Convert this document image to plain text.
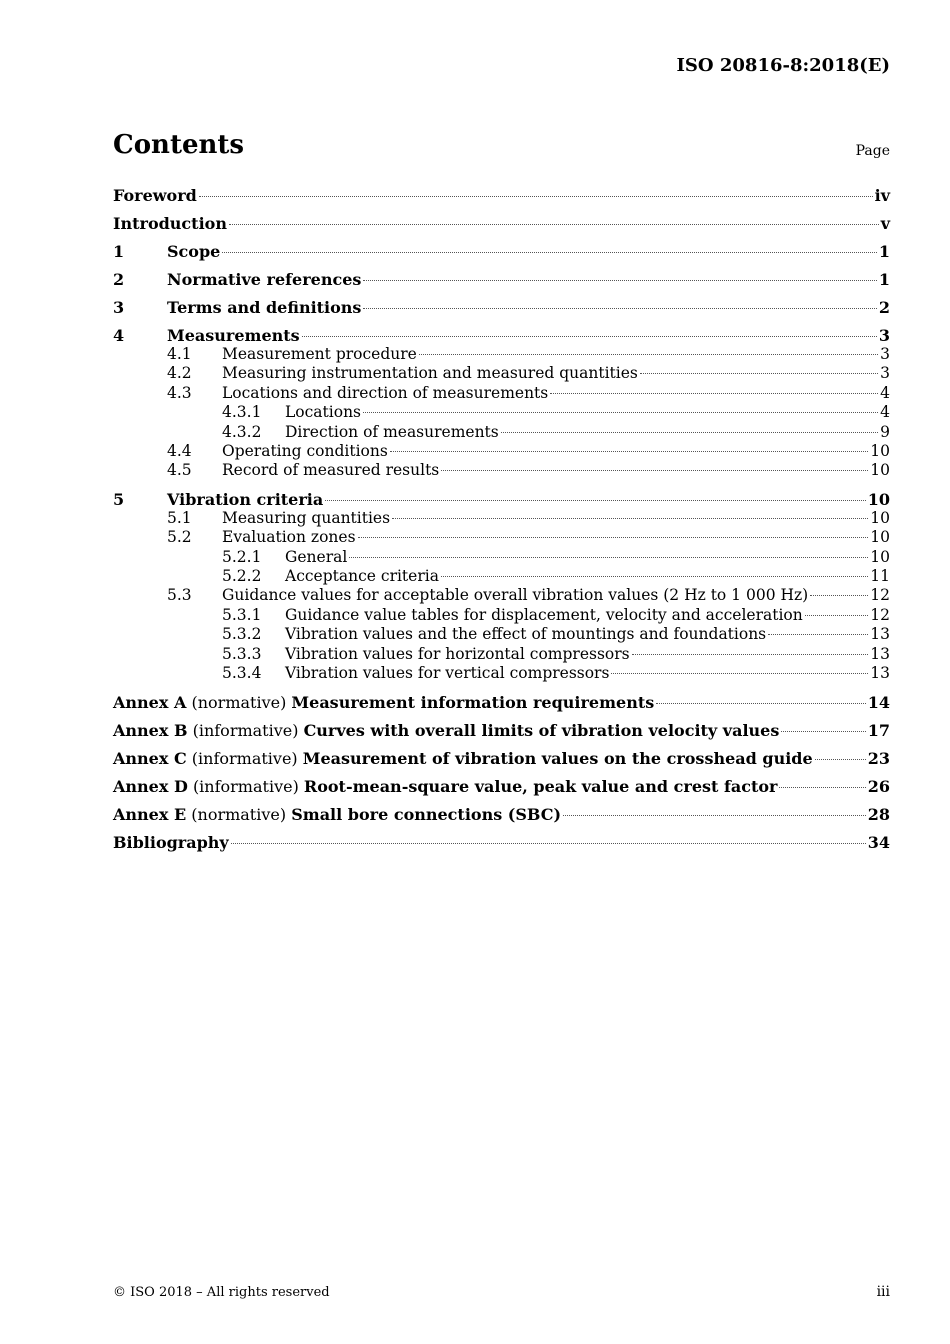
ISO 20816-8:2018(E)
Contents	Page
Foreword	iv
Introduction	v
1	Scope	1
2	Normative references	1
3	Terms and definitions	2
4	Measurements	3
4.1	Measurement procedure	3
4.2	Measuring instrumentation and measured quantities	3
4.3	Locations and direction of measurements	4
4.3.1	Locations	4
4.3.2	Direction of measurements	9
4.4	Operating conditions	10
4.5	Record of measured results	10
5	Vibration criteria	10
5.1	Measuring quantities	10
5.2	Evaluation zones	10
5.2.1	General	10
5.2.2	Acceptance criteria	11
5.3	Guidance values for acceptable overall vibration values (2 Hz to 1 000 Hz)	12
5.3.1	Guidance value tables for displacement, velocity and acceleration	12
5.3.2	Vibration values and the effect of mountings and foundations	13
5.3.3	Vibration values for horizontal compressors	13
5.3.4	Vibration values for vertical compressors	13
Annex A (normative) Measurement information requirements	14
Annex B (informative) Curves with overall limits of vibration velocity values	17
Annex C (informative) Measurement of vibration values on the crosshead guide	23
Annex D (informative) Root-mean-square value, peak value and crest factor	26
Annex E (normative) Small bore connections (SBC)	28
Bibliography	34
© ISO 2018 – All rights reserved	iii
